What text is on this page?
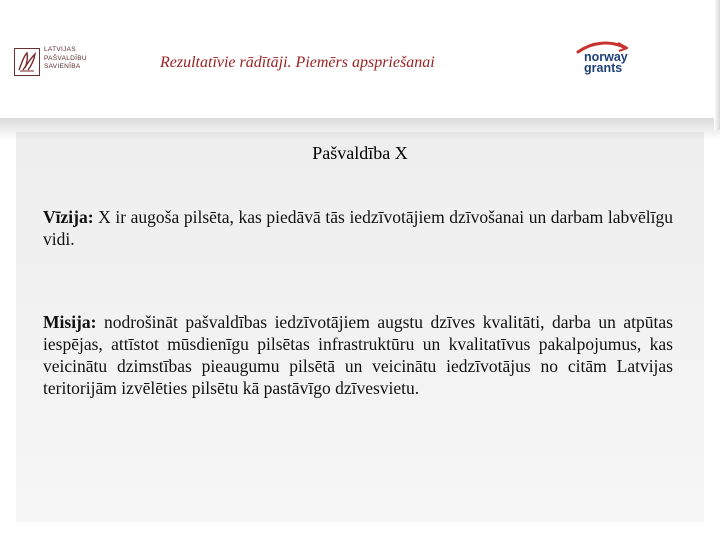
LATVIJAS
PAŠVALDĪBU
SAVIENĪBA	Rezultatīvie rādītāji. Piemērs apspriešanai	norway
grants
Pašvaldība X
Vīzija: X ir augoša pilsēta, kas piedāvā tās iedzīvotājiem dzīvošanai un darbam labvēlīgu vidi.
Misija: nodrošināt pašvaldības iedzīvotājiem augstu dzīves kvalitāti, darba un atpūtas iespējas, attīstot mūsdienīgu pilsētas infrastruktūru un kvalitatīvus pakalpojumus, kas veicinātu dzimstības pieaugumu pilsētā un veicinātu iedzīvotājus no citām Latvijas teritorijām izvēlēties pilsētu kā pastāvīgo dzīvesvietu.
